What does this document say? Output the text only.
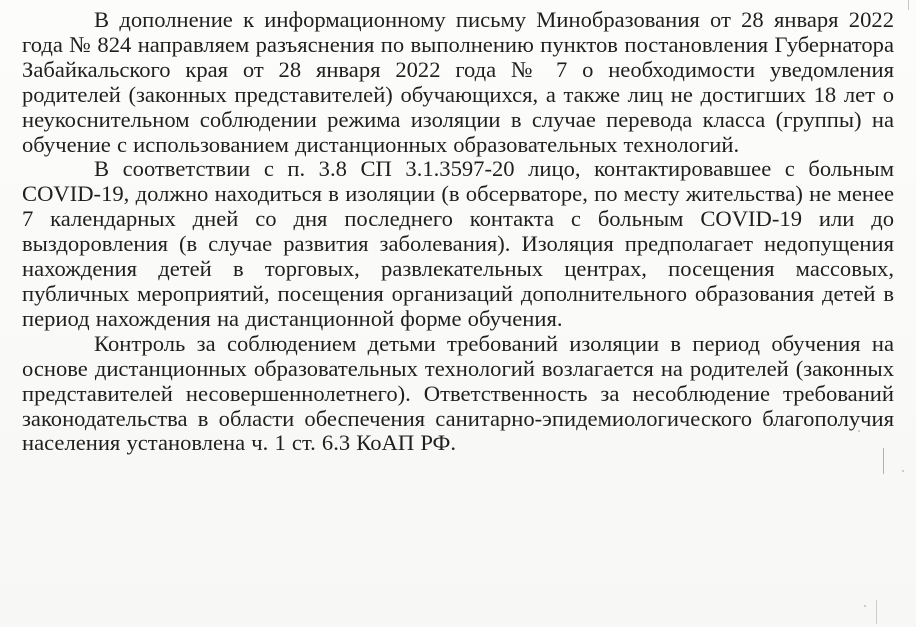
В дополнение к информационному письму Минобразования от 28 января 2022 года № 824 направляем разъяснения по выполнению пунктов постановления Губернатора Забайкальского края от 28 января 2022 года № 7 о необходимости уведомления родителей (законных представителей) обучающихся, а также лиц не достигших 18 лет о неукоснительном соблюдении режима изоляции в случае перевода класса (группы) на обучение с использованием дистанционных образовательных технологий.

В соответствии с п. 3.8 СП 3.1.3597-20 лицо, контактировавшее с больным COVID-19, должно находиться в изоляции (в обсерваторе, по месту жительства) не менее 7 календарных дней со дня последнего контакта с больным COVID-19 или до выздоровления (в случае развития заболевания). Изоляция предполагает недопущения нахождения детей в торговых, развлекательных центрах, посещения массовых, публичных мероприятий, посещения организаций дополнительного образования детей в период нахождения на дистанционной форме обучения.

Контроль за соблюдением детьми требований изоляции в период обучения на основе дистанционных образовательных технологий возлагается на родителей (законных представителей несовершеннолетнего). Ответственность за несоблюдение требований законодательства в области обеспечения санитарно-эпидемиологического благополучия населения установлена ч. 1 ст. 6.3 КоАП РФ.
